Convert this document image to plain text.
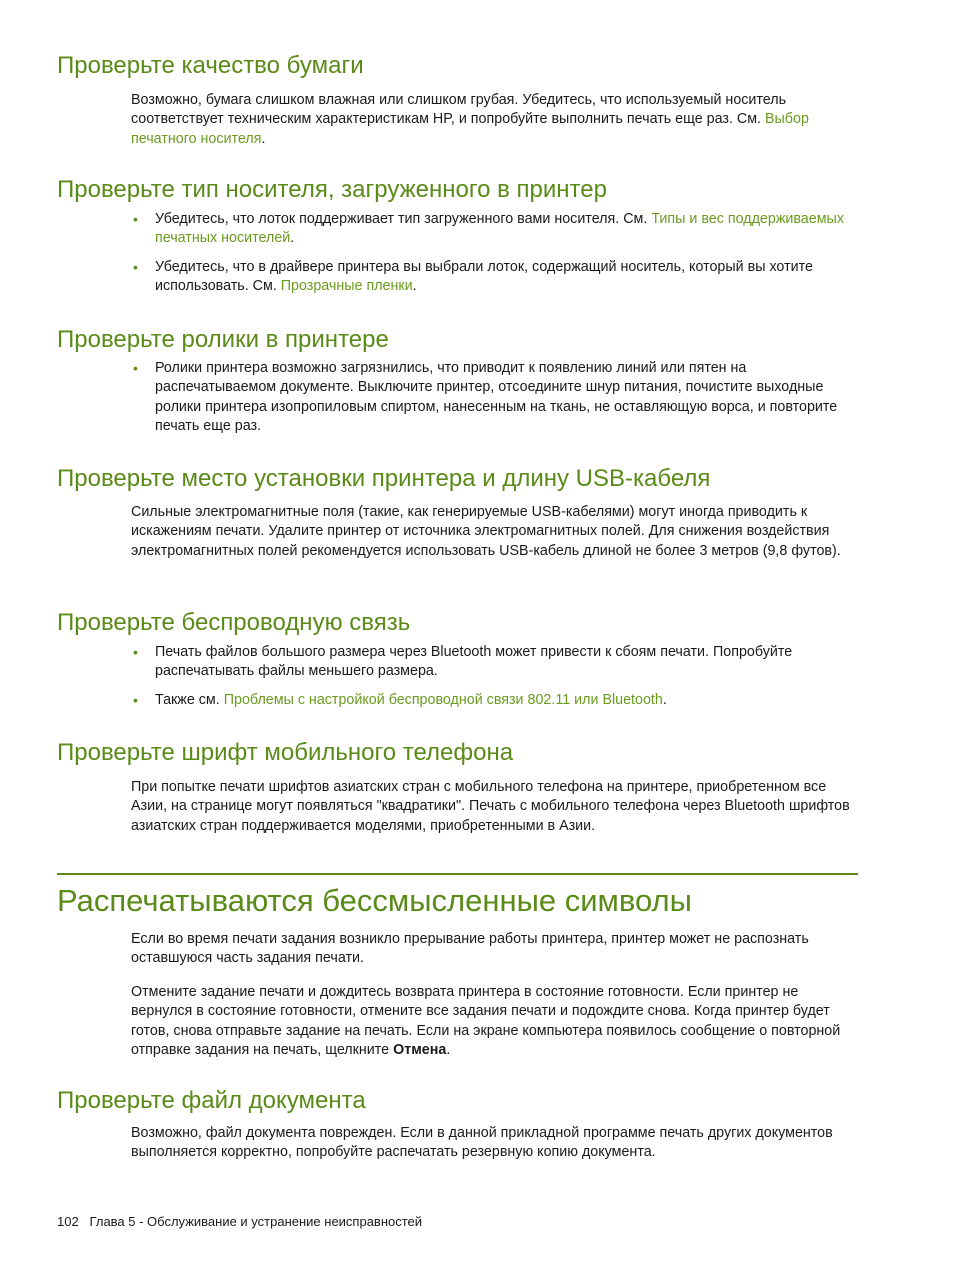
Проверьте качество бумаги

Возможно, бумага слишком влажная или слишком грубая. Убедитесь, что используемый носитель соответствует техническим характеристикам HP, и попробуйте выполнить печать еще раз. См. Выбор печатного носителя.

Проверьте тип носителя, загруженного в принтер
• Убедитесь, что лоток поддерживает тип загруженного вами носителя. См. Типы и вес поддерживаемых печатных носителей.
• Убедитесь, что в драйвере принтера вы выбрали лоток, содержащий носитель, который вы хотите использовать. См. Прозрачные пленки.
Проверьте ролики в принтере
• Ролики принтера возможно загрязнились, что приводит к появлению линий или пятен на распечатываемом документе. Выключите принтер, отсоедините шнур питания, почистите выходные ролики принтера изопропиловым спиртом, нанесенным на ткань, не оставляющую ворса, и повторите печать еще раз.
Проверьте место установки принтера и длину USB-кабеля

Сильные электромагнитные поля (такие, как генерируемые USB-кабелями) могут иногда приводить к искажениям печати. Удалите принтер от источника электромагнитных полей. Для снижения воздействия электромагнитных полей рекомендуется использовать USB-кабель длиной не более 3 метров (9,8 футов).

Проверьте беспроводную связь
• Печать файлов большого размера через Bluetooth может привести к сбоям печати. Попробуйте распечатывать файлы меньшего размера.
• Также см. Проблемы с настройкой беспроводной связи 802.11 или Bluetooth.
Проверьте шрифт мобильного телефона

При попытке печати шрифтов азиатских стран с мобильного телефона на принтере, приобретенном все Азии, на странице могут появляться "квадратики". Печать с мобильного телефона через Bluetooth шрифтов азиатских стран поддерживается моделями, приобретенными в Азии.

Распечатываются бессмысленные символы

Если во время печати задания возникло прерывание работы принтера, принтер может не распознать оставшуюся часть задания печати.

Отмените задание печати и дождитесь возврата принтера в состояние готовности. Если принтер не вернулся в состояние готовности, отмените все задания печати и подождите снова. Когда принтер будет готов, снова отправьте задание на печать. Если на экране компьютера появилось сообщение о повторной отправке задания на печать, щелкните Отмена.

Проверьте файл документа

Возможно, файл документа поврежден. Если в данной прикладной программе печать других документов выполняется корректно, попробуйте распечатать резервную копию документа.

102 Глава 5 - Обслуживание и устранение неисправностей
